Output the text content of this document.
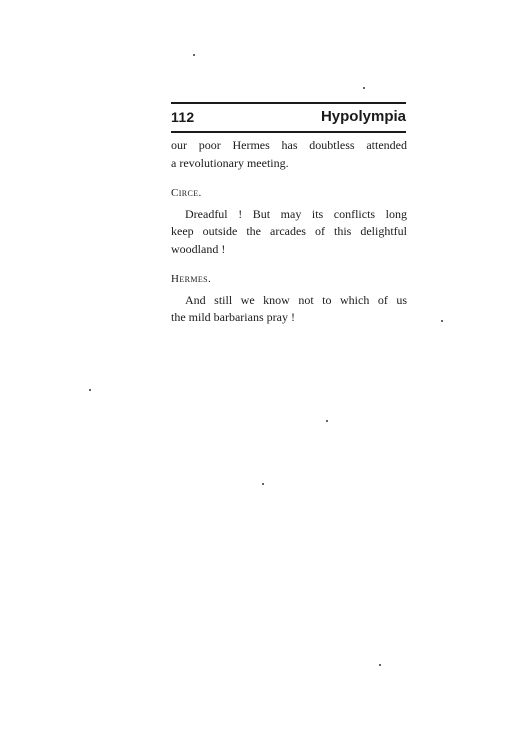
112	Hypolympia

our poor Hermes has doubtless attended
a revolutionary meeting.

Circe.

Dreadful ! But may its conflicts long
keep outside the arcades of this delightful
woodland !

Hermes.

And still we know not to which of us
the mild barbarians pray !
